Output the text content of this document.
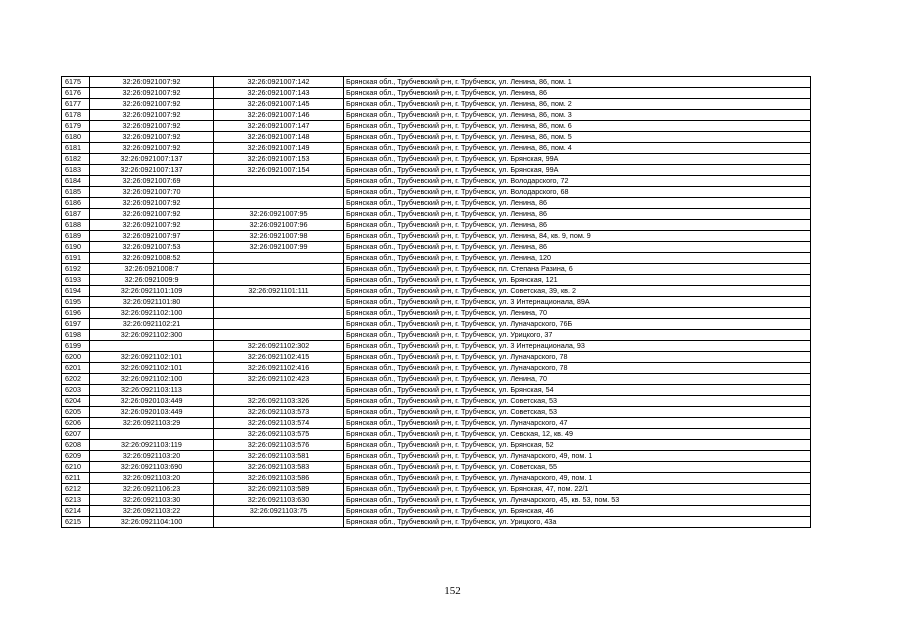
6175	32:26:0921007:92	32:26:0921007:142	Брянская обл., Трубчевский р-н, г. Трубчевск, ул. Ленина, 86, пом. 1
6176	32:26:0921007:92	32:26:0921007:143	Брянская обл., Трубчевский р-н, г. Трубчевск, ул. Ленина, 86
6177	32:26:0921007:92	32:26:0921007:145	Брянская обл., Трубчевский р-н, г. Трубчевск, ул. Ленина, 86, пом. 2
6178	32:26:0921007:92	32:26:0921007:146	Брянская обл., Трубчевский р-н, г. Трубчевск, ул. Ленина, 86, пом. 3
6179	32:26:0921007:92	32:26:0921007:147	Брянская обл., Трубчевский р-н, г. Трубчевск, ул. Ленина, 86, пом. 6
6180	32:26:0921007:92	32:26:0921007:148	Брянская обл., Трубчевский р-н, г. Трубчевск, ул. Ленина, 86, пом. 5
6181	32:26:0921007:92	32:26:0921007:149	Брянская обл., Трубчевский р-н, г. Трубчевск, ул. Ленина, 86, пом. 4
6182	32:26:0921007:137	32:26:0921007:153	Брянская обл., Трубчевский р-н, г. Трубчевск, ул. Брянская, 99А
6183	32:26:0921007:137	32:26:0921007:154	Брянская обл., Трубчевский р-н, г. Трубчевск, ул. Брянская, 99А
6184	32:26:0921007:69		Брянская обл., Трубчевский р-н, г. Трубчевск, ул. Володарского, 72
6185	32:26:0921007:70		Брянская обл., Трубчевский р-н, г. Трубчевск, ул. Володарского, 68
6186	32:26:0921007:92		Брянская обл., Трубчевский р-н, г. Трубчевск, ул. Ленина, 86
6187	32:26:0921007:92	32:26:0921007:95	Брянская обл., Трубчевский р-н, г. Трубчевск, ул. Ленина, 86
6188	32:26:0921007:92	32:26:0921007:96	Брянская обл., Трубчевский р-н, г. Трубчевск, ул. Ленина, 86
6189	32:26:0921007:97	32:26:0921007:98	Брянская обл., Трубчевский р-н, г. Трубчевск, ул. Ленина, 84, кв. 9, пом. 9
6190	32:26:0921007:53	32:26:0921007:99	Брянская обл., Трубчевский р-н, г. Трубчевск, ул. Ленина, 86
6191	32:26:0921008:52		Брянская обл., Трубчевский р-н, г. Трубчевск, ул. Ленина, 120
6192	32:26:0921008:7		Брянская обл., Трубчевский р-н, г. Трубчевск, пл. Степана Разина, 6
6193	32:26:0921009:9		Брянская обл., Трубчевский р-н, г. Трубчевск, ул. Брянская, 121
6194	32:26:0921101:109	32:26:0921101:111	Брянская обл., Трубчевский р-н, г. Трубчевск, ул. Советская, 39, кв. 2
6195	32:26:0921101:80		Брянская обл., Трубчевский р-н, г. Трубчевск, ул. 3 Интернационала, 89А
6196	32:26:0921102:100		Брянская обл., Трубчевский р-н, г. Трубчевск, ул. Ленина, 70
6197	32:26:0921102:21		Брянская обл., Трубчевский р-н, г. Трубчевск, ул. Луначарского, 76Б
6198	32:26:0921102:300		Брянская обл., Трубчевский р-н, г. Трубчевск, ул. Урицкого, 37
6199		32:26:0921102:302	Брянская обл., Трубчевский р-н, г. Трубчевск, ул. 3 Интернационала, 93
6200	32:26:0921102:101	32:26:0921102:415	Брянская обл., Трубчевский р-н, г. Трубчевск, ул. Луначарского, 78
6201	32:26:0921102:101	32:26:0921102:416	Брянская обл., Трубчевский р-н, г. Трубчевск, ул. Луначарского, 78
6202	32:26:0921102:100	32:26:0921102:423	Брянская обл., Трубчевский р-н, г. Трубчевск, ул. Ленина, 70
6203	32:26:0921103:113		Брянская обл., Трубчевский р-н, г. Трубчевск, ул. Брянская, 54
6204	32:26:0920103:449	32:26:0921103:326	Брянская обл., Трубчевский р-н, г. Трубчевск, ул. Советская, 53
6205	32:26:0920103:449	32:26:0921103:573	Брянская обл., Трубчевский р-н, г. Трубчевск, ул. Советская, 53
6206	32:26:0921103:29	32:26:0921103:574	Брянская обл., Трубчевский р-н, г. Трубчевск, ул. Луначарского, 47
6207		32:26:0921103:575	Брянская обл., Трубчевский р-н, г. Трубчевск, ул. Севская, 12, кв. 49
6208	32:26:0921103:119	32:26:0921103:576	Брянская обл., Трубчевский р-н, г. Трубчевск, ул. Брянская, 52
6209	32:26:0921103:20	32:26:0921103:581	Брянская обл., Трубчевский р-н, г. Трубчевск, ул. Луначарского, 49, пом. 1
6210	32:26:0921103:690	32:26:0921103:583	Брянская обл., Трубчевский р-н, г. Трубчевск, ул. Советская, 55
6211	32:26:0921103:20	32:26:0921103:586	Брянская обл., Трубчевский р-н, г. Трубчевск, ул. Луначарского, 49, пом. 1
6212	32:26:0921106:23	32:26:0921103:589	Брянская обл., Трубчевский р-н, г. Трубчевск, ул. Брянская, 47, пом. 22/1
6213	32:26:0921103:30	32:26:0921103:630	Брянская обл., Трубчевский р-н, г. Трубчевск, ул. Луначарского, 45, кв. 53, пом. 53
6214	32:26:0921103:22	32:26:0921103:75	Брянская обл., Трубчевский р-н, г. Трубчевск, ул. Брянская, 46
6215	32:26:0921104:100		Брянская обл., Трубчевский р-н, г. Трубчевск, ул. Урицкого, 43а
152
